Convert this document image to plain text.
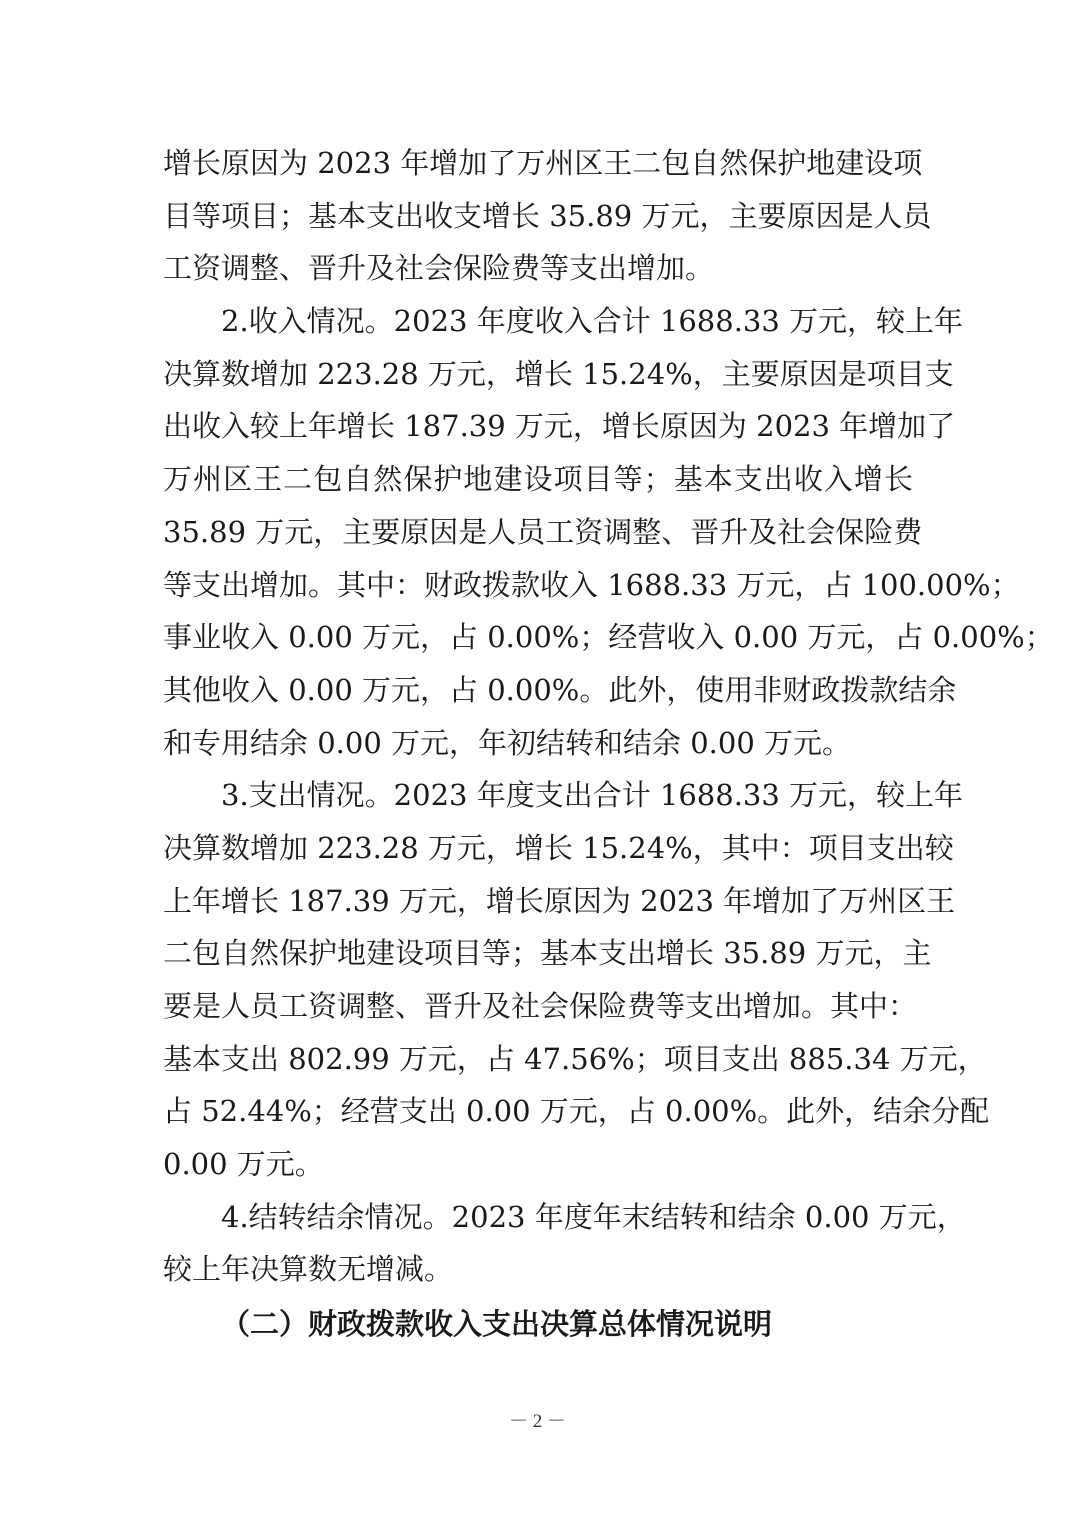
增长原因为 2023 年增加了万州区王二包自然保护地建设项
目等项目；基本支出收支增长 35.89 万元，主要原因是人员
工资调整、晋升及社会保险费等支出增加。
2.收入情况。2023 年度收入合计 1688.33 万元，较上年
决算数增加 223.28 万元，增长 15.24%，主要原因是项目支
出收入较上年增长 187.39 万元，增长原因为 2023 年增加了
万州区王二包自然保护地建设项目等；基本支出收入增长
35.89 万元，主要原因是人员工资调整、晋升及社会保险费
等支出增加。其中：财政拨款收入 1688.33 万元，占 100.00%；
事业收入 0.00 万元，占 0.00%；经营收入 0.00 万元，占 0.00%；
其他收入 0.00 万元，占 0.00%。此外，使用非财政拨款结余
和专用结余 0.00 万元，年初结转和结余 0.00 万元。
3.支出情况。2023 年度支出合计 1688.33 万元，较上年
决算数增加 223.28 万元，增长 15.24%，其中：项目支出较
上年增长 187.39 万元，增长原因为 2023 年增加了万州区王
二包自然保护地建设项目等；基本支出增长 35.89 万元，主
要是人员工资调整、晋升及社会保险费等支出增加。其中：
基本支出 802.99 万元，占 47.56%；项目支出 885.34 万元，
占 52.44%；经营支出 0.00 万元，占 0.00%。此外，结余分配
0.00 万元。
4.结转结余情况。2023 年度年末结转和结余 0.00 万元，
较上年决算数无增减。
（二）财政拨款收入支出决算总体情况说明
－ 2 －
